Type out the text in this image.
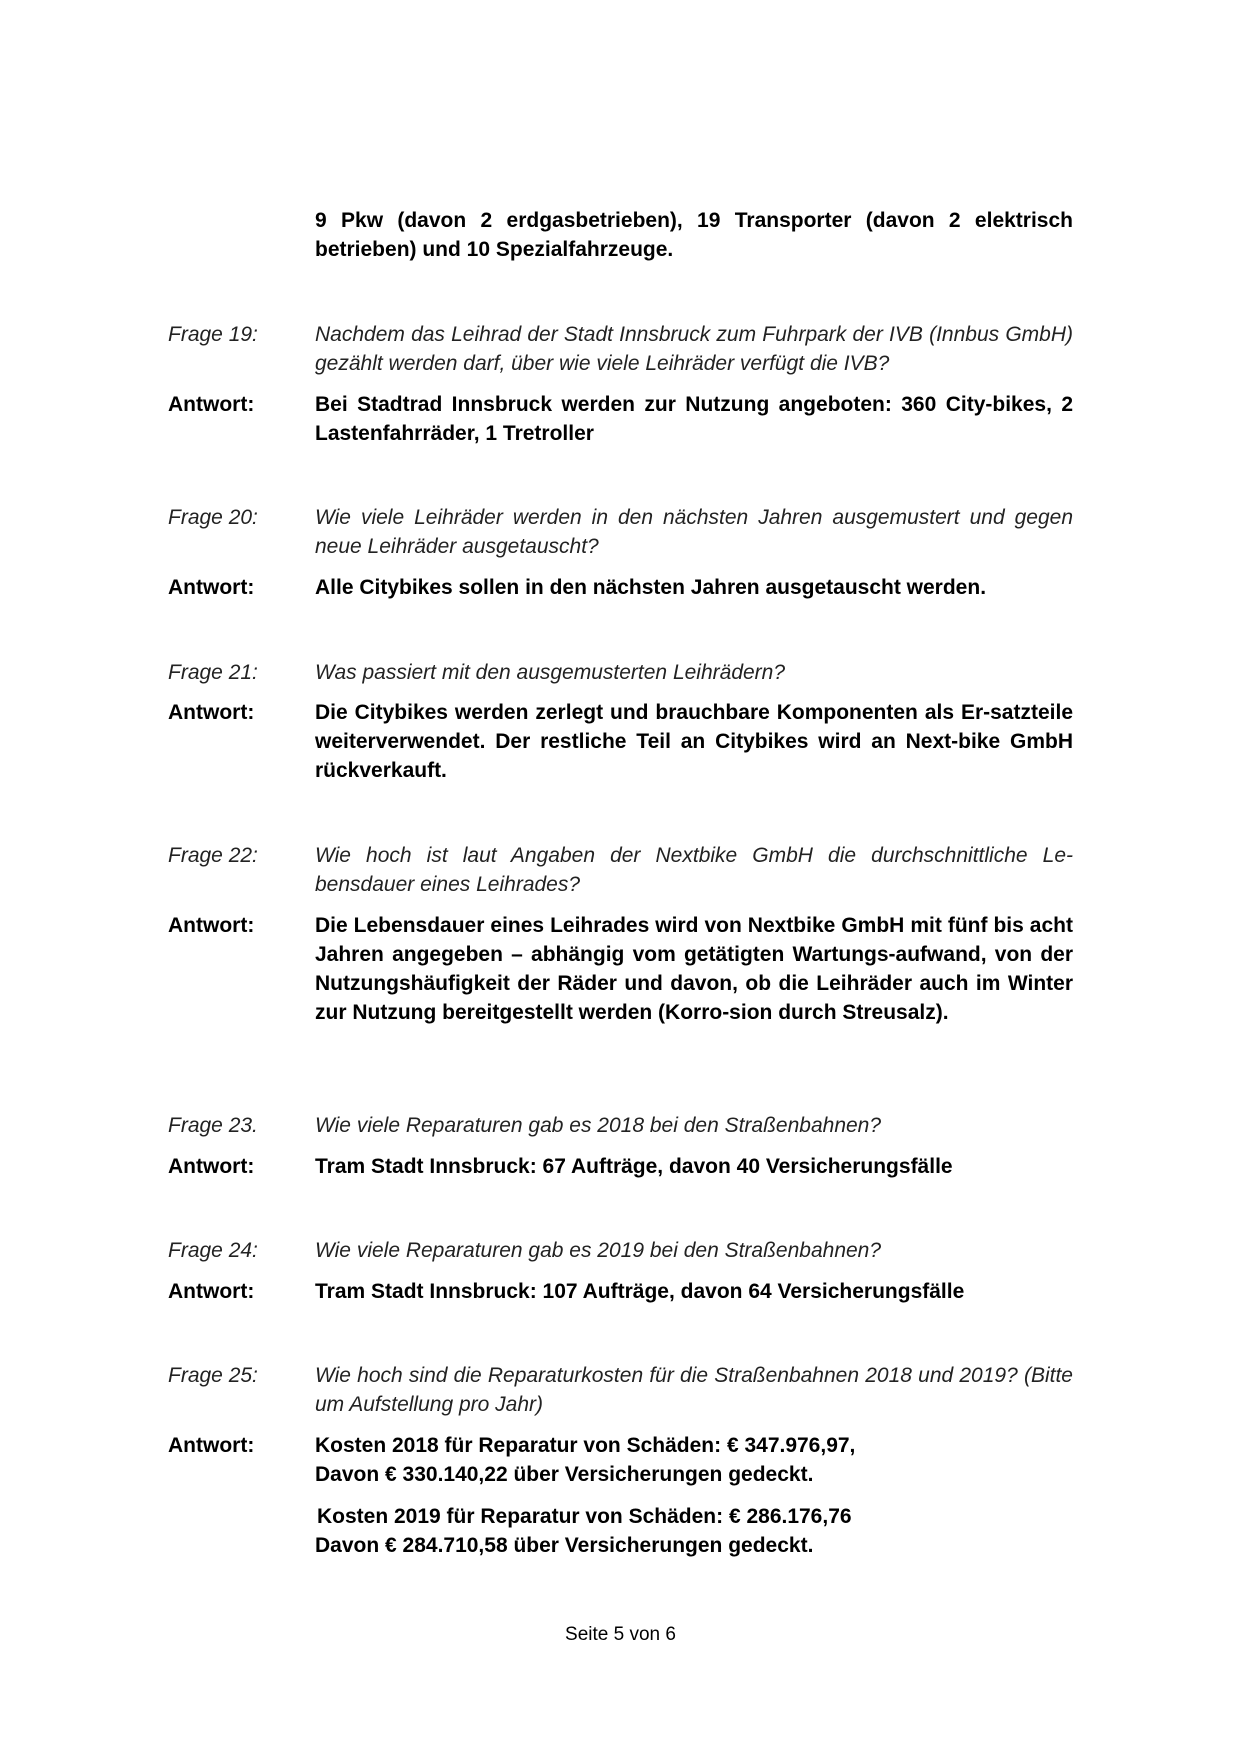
9 Pkw (davon 2 erdgasbetrieben), 19 Transporter (davon 2 elektrisch betrieben) und 10 Spezialfahrzeuge.
Frage 19:	Nachdem das Leihrad der Stadt Innsbruck zum Fuhrpark der IVB (Innbus GmbH) gezählt werden darf, über wie viele Leihräder verfügt die IVB?
Antwort:	Bei Stadtrad Innsbruck werden zur Nutzung angeboten: 360 City-bikes, 2 Lastenfahrräder, 1 Tretroller
Frage 20:	Wie viele Leihräder werden in den nächsten Jahren ausgemustert und gegen neue Leihräder ausgetauscht?
Antwort:	Alle Citybikes sollen in den nächsten Jahren ausgetauscht werden.
Frage 21:	Was passiert mit den ausgemusterten Leihrädern?
Antwort:	Die Citybikes werden zerlegt und brauchbare Komponenten als Er-satzteile weiterverwendet. Der restliche Teil an Citybikes wird an Next-bike GmbH rückverkauft.
Frage 22:	Wie hoch ist laut Angaben der Nextbike GmbH die durchschnittliche Le-bensdauer eines Leihrades?
Antwort:	Die Lebensdauer eines Leihrades wird von Nextbike GmbH mit fünf bis acht Jahren angegeben – abhängig vom getätigten Wartungs-aufwand, von der Nutzungshäufigkeit der Räder und davon, ob die Leihräder auch im Winter zur Nutzung bereitgestellt werden (Korro-sion durch Streusalz).
Frage 23.	Wie viele Reparaturen gab es 2018 bei den Straßenbahnen?
Antwort:	Tram Stadt Innsbruck: 67 Aufträge, davon 40 Versicherungsfälle
Frage 24:	Wie viele Reparaturen gab es 2019 bei den Straßenbahnen?
Antwort:	Tram Stadt Innsbruck: 107 Aufträge, davon 64 Versicherungsfälle
Frage 25:	Wie hoch sind die Reparaturkosten für die Straßenbahnen 2018 und 2019? (Bitte um Aufstellung pro Jahr)
Antwort:	Kosten 2018 für Reparatur von Schäden: € 347.976,97,
Davon € 330.140,22 über Versicherungen gedeckt.
Kosten 2019 für Reparatur von Schäden: € 286.176,76
Davon € 284.710,58 über Versicherungen gedeckt.
Seite 5 von 6
